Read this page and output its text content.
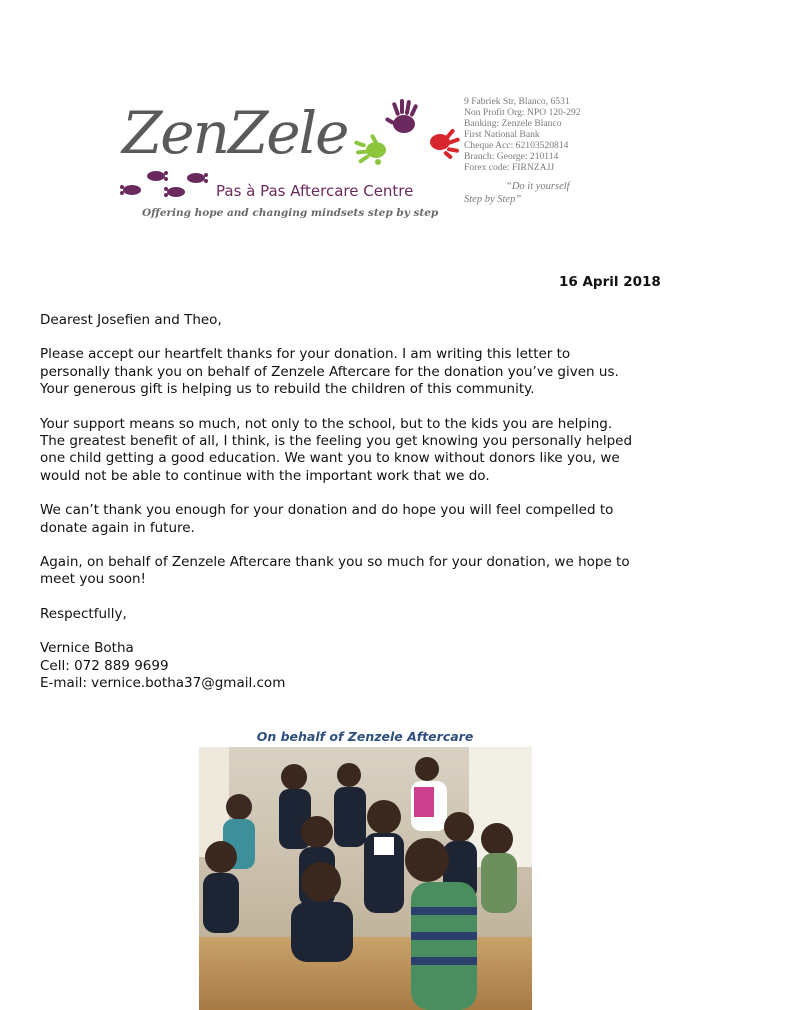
ZenZele
Pas à Pas Aftercare Centre
Offering hope and changing mindsets step by step
9 Fabriek Str, Blanco, 6531
Non Profit Org: NPO 120-292
Banking: Zenzele Blanco
First National Bank
Cheque Acc: 62103520814
Branch: George: 210114
Forex code: FIRNZAJJ
“Do it yourself
Step by Step”
16 April 2018

Dearest Josefien and Theo,

Please accept our heartfelt thanks for your donation. I am writing this letter to
personally thank you on behalf of Zenzele Aftercare for the donation you’ve given us.
Your generous gift is helping us to rebuild the children of this community.

Your support means so much, not only to the school, but to the kids you are helping.
The greatest benefit of all, I think, is the feeling you get knowing you personally helped
one child getting a good education. We want you to know without donors like you, we
would not be able to continue with the important work that we do.

We can’t thank you enough for your donation and do hope you will feel compelled to
donate again in future.

Again, on behalf of Zenzele Aftercare thank you so much for your donation, we hope to
meet you soon!

Respectfully,

Vernice Botha
Cell: 072 889 9699
E-mail: vernice.botha37@gmail.com

On behalf of Zenzele Aftercare
